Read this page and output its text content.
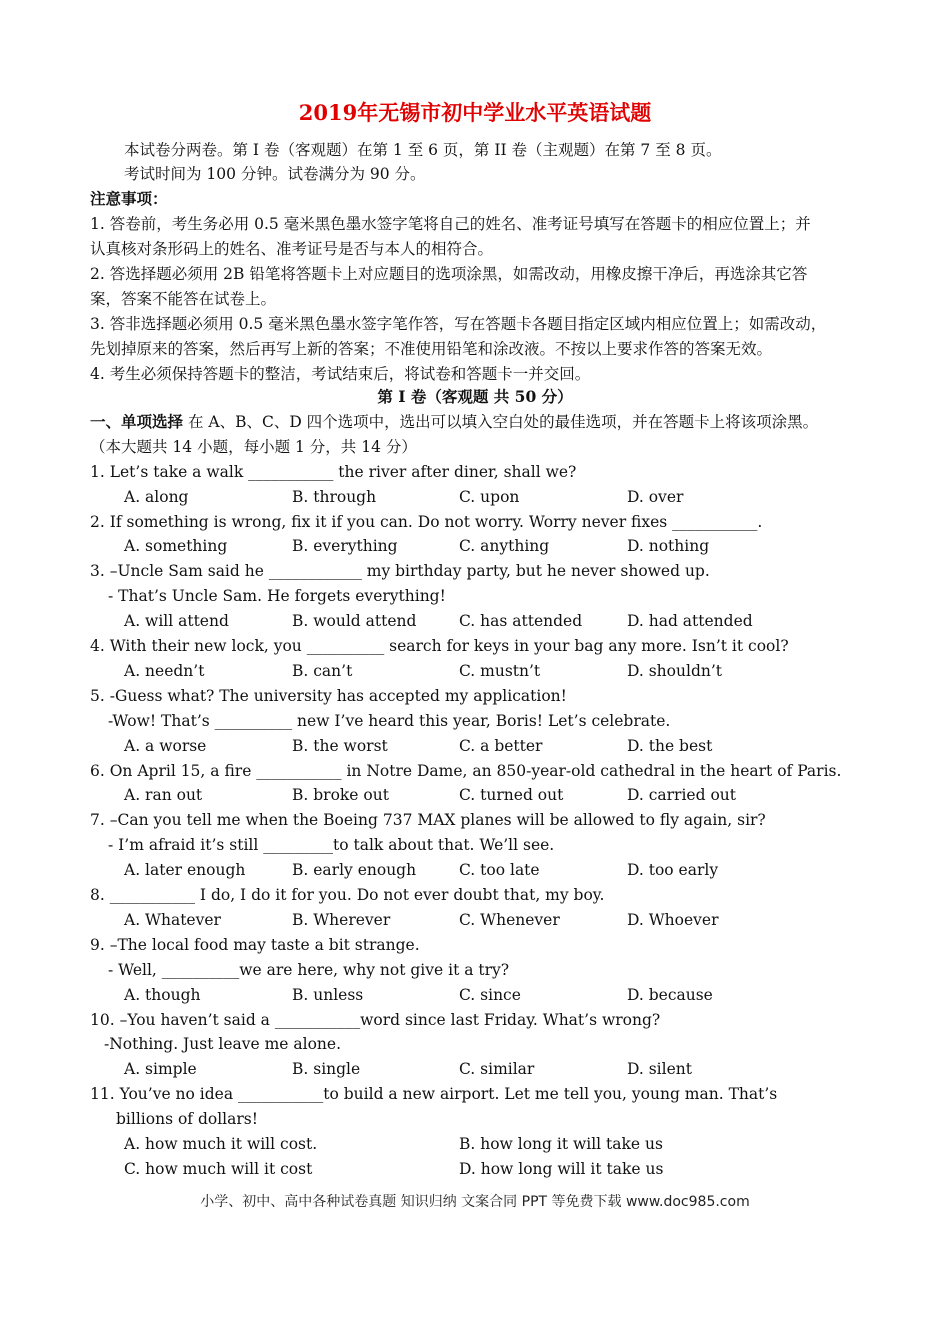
2019年无锡市初中学业水平英语试题
本试卷分两卷。第 I 卷（客观题）在第 1 至 6 页，第 II 卷（主观题）在第 7 至 8 页。
考试时间为 100 分钟。试卷满分为 90 分。
注意事项：
1. 答卷前，考生务必用 0.5 毫米黑色墨水签字笔将自己的姓名、准考证号填写在答题卡的相应位置上；并
认真核对条形码上的姓名、准考证号是否与本人的相符合。
2. 答选择题必须用 2B 铅笔将答题卡上对应题目的选项涂黑，如需改动，用橡皮擦干净后，再选涂其它答
案，答案不能答在试卷上。
3. 答非选择题必须用 0.5 毫米黑色墨水签字笔作答，写在答题卡各题目指定区域内相应位置上；如需改动，
先划掉原来的答案，然后再写上新的答案；不准使用铅笔和涂改液。不按以上要求作答的答案无效。
4. 考生必须保持答题卡的整洁，考试结束后，将试卷和答题卡一并交回。
第 I 卷（客观题 共 50 分）
一、单项选择 在 A、B、C、D 四个选项中，选出可以填入空白处的最佳选项，并在答题卡上将该项涂黑。
（本大题共 14 小题，每小题 1 分，共 14 分）
1. Let’s take a walk ___________ the river after diner, shall we?
A. along	B. through	C. upon	D. over
2. If something is wrong, fix it if you can. Do not worry. Worry never fixes ___________.
A. something	B. everything	C. anything	D. nothing
3. –Uncle Sam said he ____________ my birthday party, but he never showed up.
- That’s Uncle Sam. He forgets everything!
A. will attend	B. would attend	C. has attended	D. had attended
4. With their new lock, you __________ search for keys in your bag any more. Isn’t it cool?
A. needn’t	B. can’t	C. mustn’t	D. shouldn’t
5. -Guess what? The university has accepted my application!
-Wow! That’s __________ new I’ve heard this year, Boris! Let’s celebrate.
A. a worse	B. the worst	C. a better	D. the best
6. On April 15, a fire ___________ in Notre Dame, an 850-year-old cathedral in the heart of Paris.
A. ran out	B. broke out	C. turned out	D. carried out
7. –Can you tell me when the Boeing 737 MAX planes will be allowed to fly again, sir?
- I’m afraid it’s still _________to talk about that. We’ll see.
A. later enough	B. early enough	C. too late	D. too early
8. ___________ I do, I do it for you. Do not ever doubt that, my boy.
A. Whatever	B. Wherever	C. Whenever	D. Whoever
9. –The local food may taste a bit strange.
- Well, __________we are here, why not give it a try?
A. though	B. unless	C. since	D. because
10. –You haven’t said a ___________word since last Friday. What’s wrong?
-Nothing. Just leave me alone.
A. simple	B. single	C. similar	D. silent
11. You’ve no idea ___________to build a new airport. Let me tell you, young man. That’s
billions of dollars!
A. how much it will cost.	B. how long it will take us
C. how much will it cost	D. how long will it take us
小学、初中、高中各种试卷真题 知识归纳 文案合同 PPT 等免费下载 www.doc985.com
